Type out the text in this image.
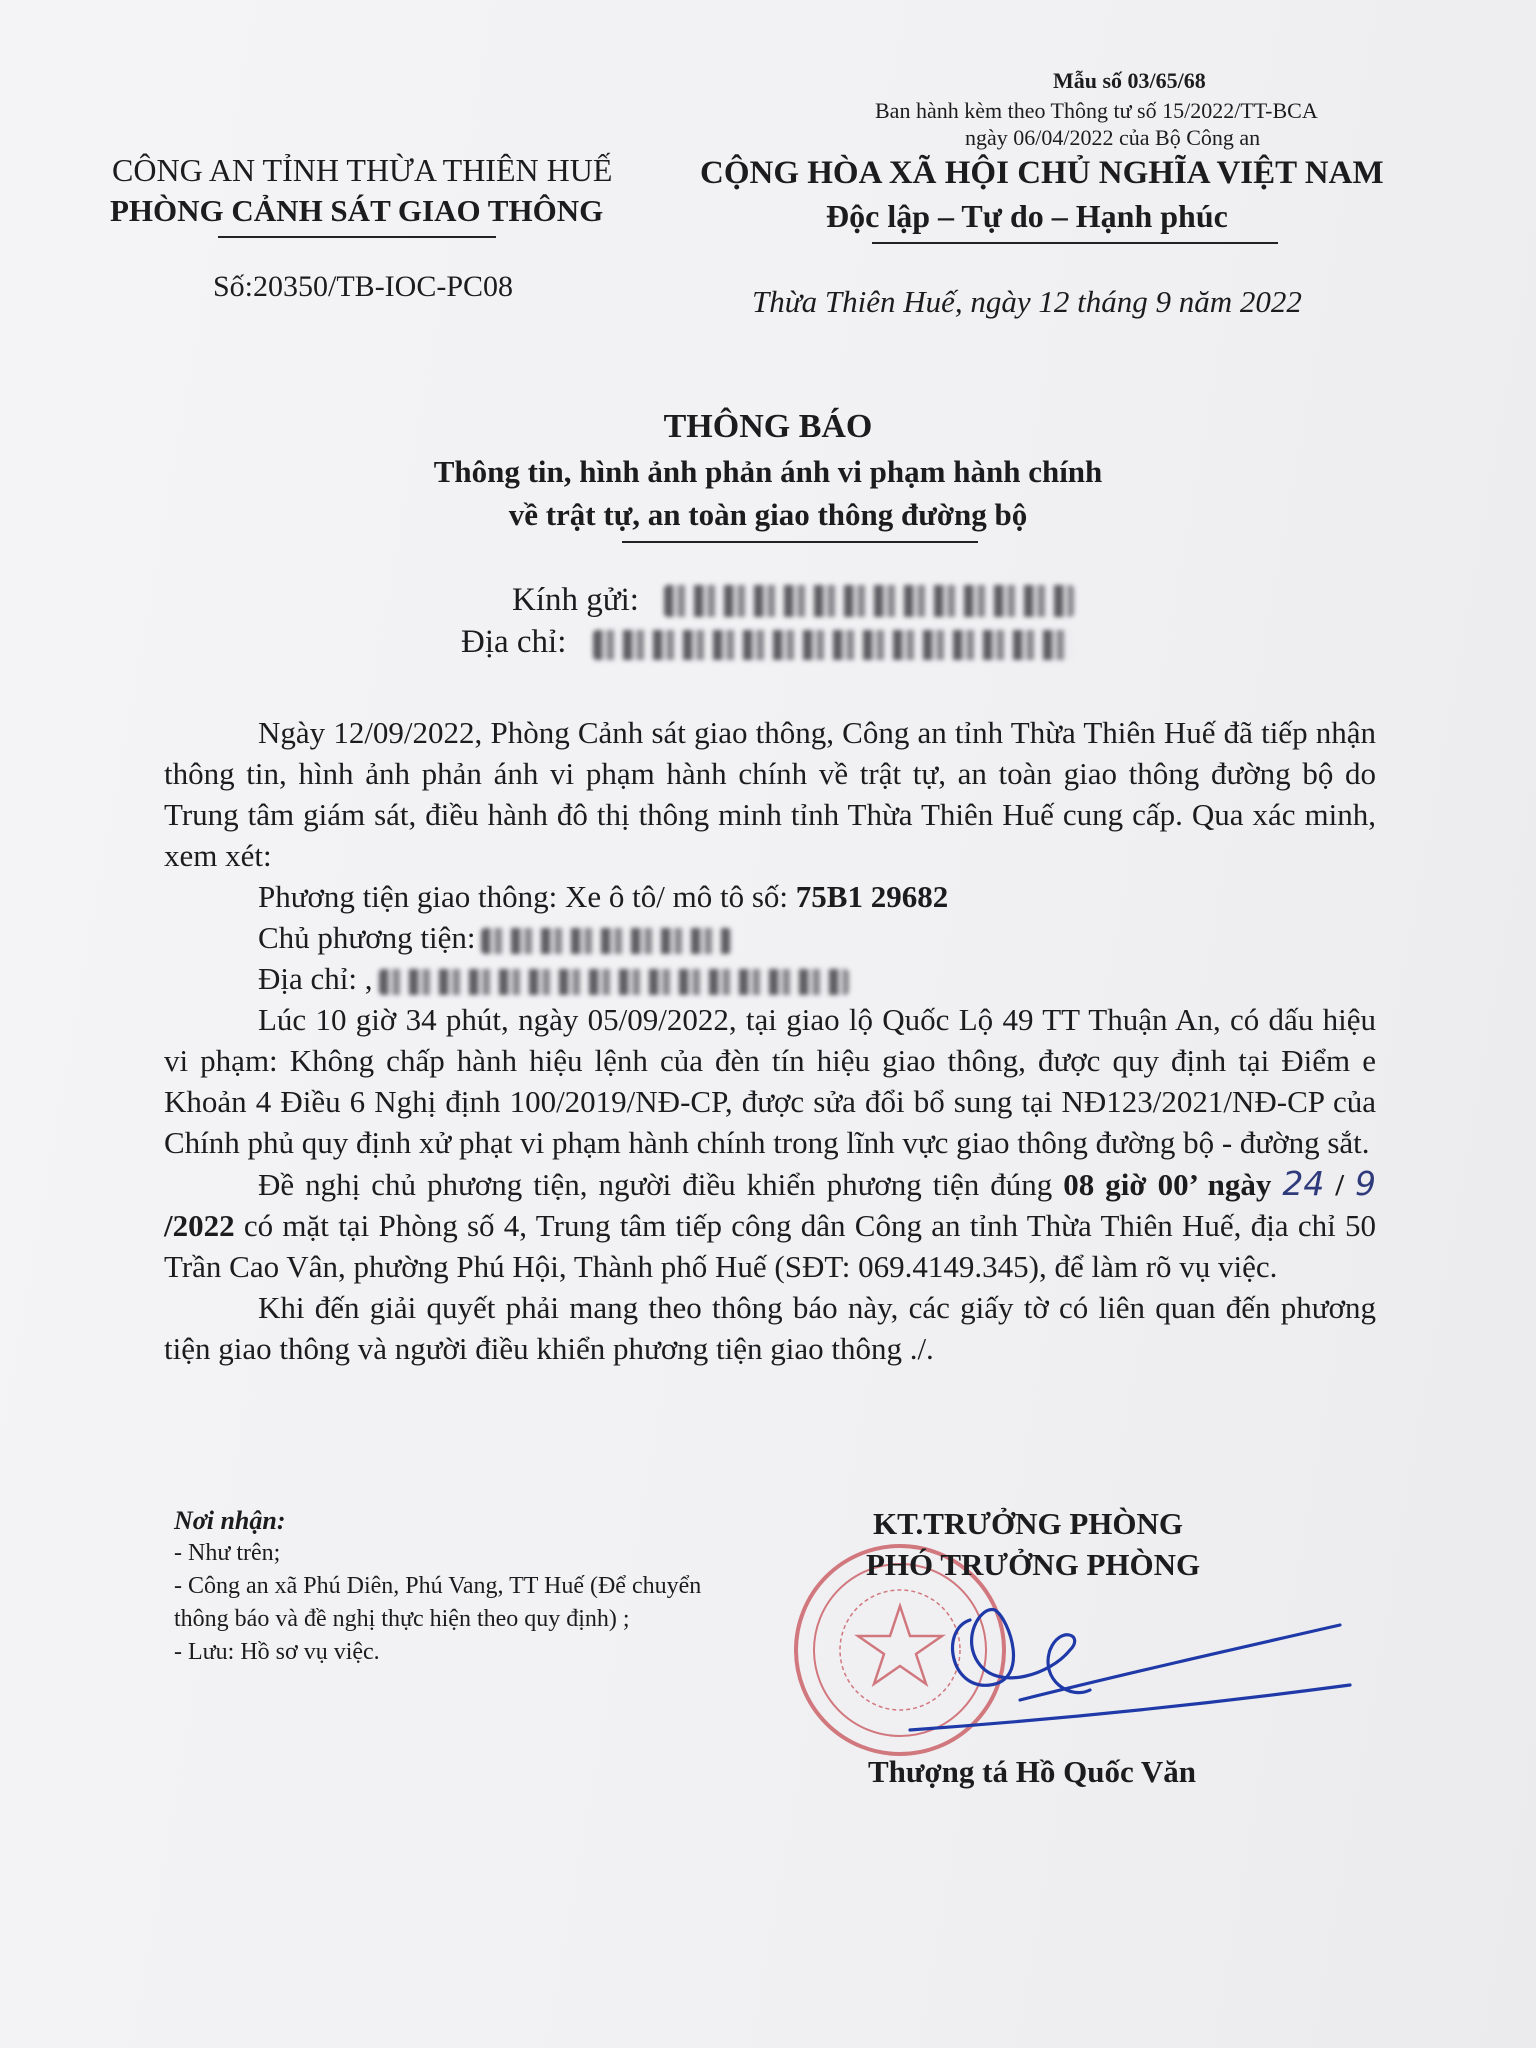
Mẫu số 03/65/68
Ban hành kèm theo Thông tư số 15/2022/TT-BCA
ngày 06/04/2022 của Bộ Công an
CÔNG AN TỈNH THỪA THIÊN HUẾ
PHÒNG CẢNH SÁT GIAO THÔNG
Số:20350/TB-IOC-PC08
CỘNG HÒA XÃ HỘI CHỦ NGHĨA VIỆT NAM
Độc lập – Tự do – Hạnh phúc
Thừa Thiên Huế, ngày 12 tháng 9 năm 2022
THÔNG BÁO
Thông tin, hình ảnh phản ánh vi phạm hành chính
về trật tự, an toàn giao thông đường bộ
Kính gửi:
Địa chỉ:

Ngày 12/09/2022, Phòng Cảnh sát giao thông, Công an tỉnh Thừa Thiên Huế đã tiếp nhận thông tin, hình ảnh phản ánh vi phạm hành chính về trật tự, an toàn giao thông đường bộ do Trung tâm giám sát, điều hành đô thị thông minh tỉnh Thừa Thiên Huế cung cấp. Qua xác minh, xem xét:

Phương tiện giao thông: Xe ô tô/ mô tô số: 75B1 29682

Chủ phương tiện:

Địa chỉ: ,

Lúc 10 giờ 34 phút, ngày 05/09/2022, tại giao lộ Quốc Lộ 49 TT Thuận An, có dấu hiệu vi phạm: Không chấp hành hiệu lệnh của đèn tín hiệu giao thông, được quy định tại Điểm e Khoản 4 Điều 6 Nghị định 100/2019/NĐ-CP, được sửa đổi bổ sung tại NĐ123/2021/NĐ-CP của Chính phủ quy định xử phạt vi phạm hành chính trong lĩnh vực giao thông đường bộ - đường sắt.

Đề nghị chủ phương tiện, người điều khiển phương tiện đúng 08 giờ 00’ ngày 24 / 9 /2022 có mặt tại Phòng số 4, Trung tâm tiếp công dân Công an tỉnh Thừa Thiên Huế, địa chỉ 50 Trần Cao Vân, phường Phú Hội, Thành phố Huế (SĐT: 069.4149.345), để làm rõ vụ việc.

Khi đến giải quyết phải mang theo thông báo này, các giấy tờ có liên quan đến phương tiện giao thông và người điều khiển phương tiện giao thông ./.

Nơi nhận:

- Như trên;

- Công an xã Phú Diên, Phú Vang, TT Huế (Để chuyển thông báo và đề nghị thực hiện theo quy định) ;

- Lưu: Hồ sơ vụ việc.

KT.TRƯỞNG PHÒNG
PHÓ TRƯỞNG PHÒNG
Thượng tá Hồ Quốc Văn
